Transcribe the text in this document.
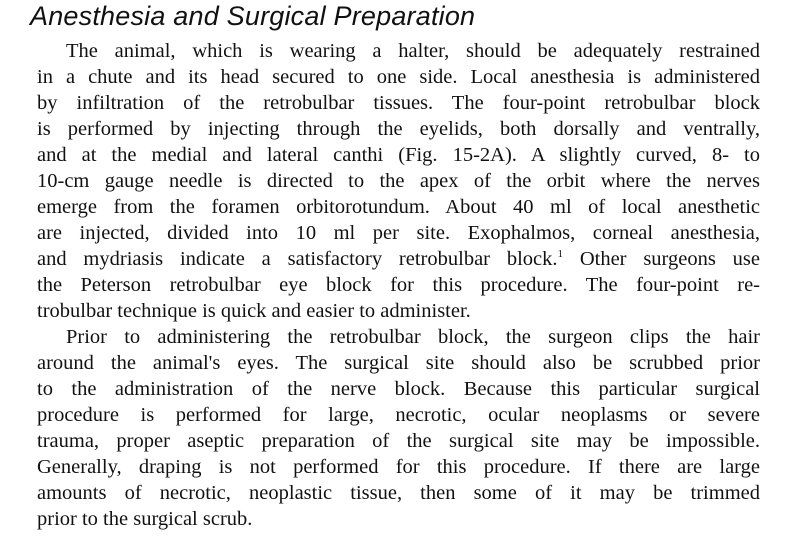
Anesthesia and Surgical Preparation
The animal, which is wearing a halter, should be adequately restrained
in a chute and its head secured to one side. Local anesthesia is administered
by infiltration of the retrobulbar tissues. The four-point retrobulbar block
is performed by injecting through the eyelids, both dorsally and ventrally,
and at the medial and lateral canthi (Fig. 15-2A). A slightly curved, 8- to
10-cm gauge needle is directed to the apex of the orbit where the nerves
emerge from the foramen orbitorotundum. About 40 ml of local anesthetic
are injected, divided into 10 ml per site. Exophalmos, corneal anesthesia,
and mydriasis indicate a satisfactory retrobulbar block.$^1$ Other surgeons use
the Peterson retrobulbar eye block for this procedure. The four-point re-
trobulbar technique is quick and easier to administer.
Prior to administering the retrobulbar block, the surgeon clips the hair
around the animal's eyes. The surgical site should also be scrubbed prior
to the administration of the nerve block. Because this particular surgical
procedure is performed for large, necrotic, ocular neoplasms or severe
trauma, proper aseptic preparation of the surgical site may be impossible.
Generally, draping is not performed for this procedure. If there are large
amounts of necrotic, neoplastic tissue, then some of it may be trimmed
prior to the surgical scrub.
